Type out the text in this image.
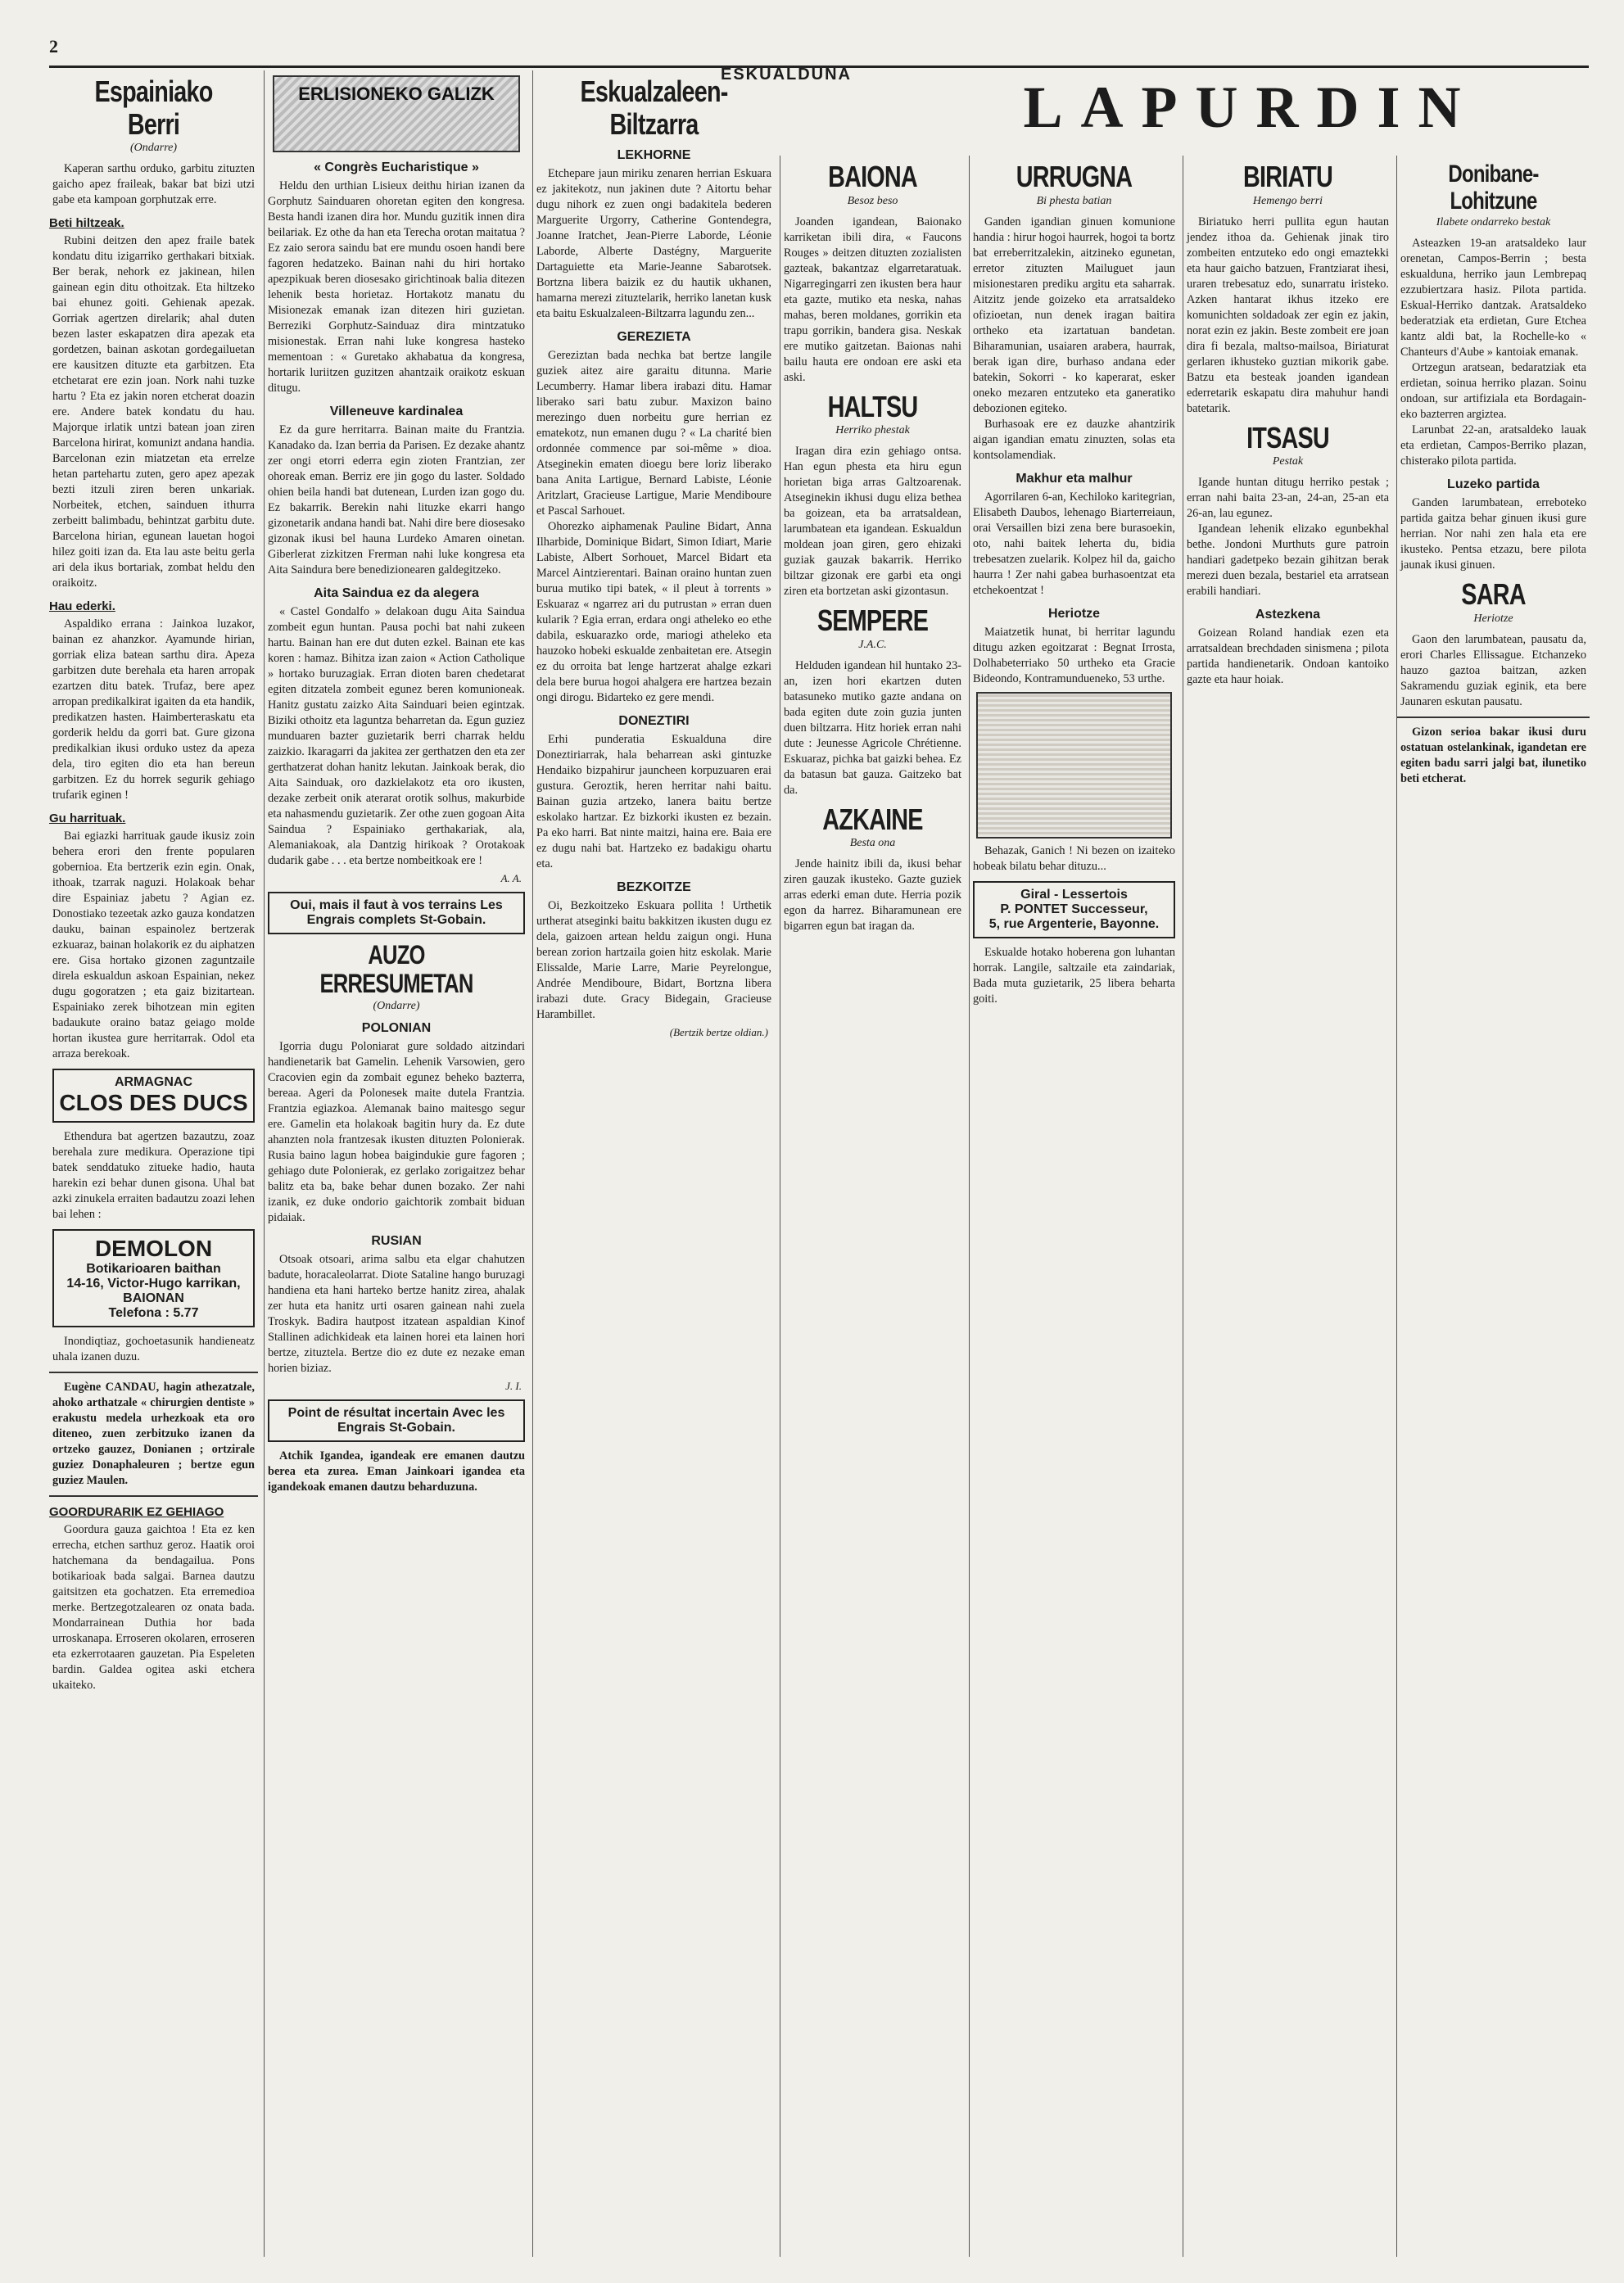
2
ESKUALDUNA
Espainiako Berri
(Ondarre)

Kaperan sarthu orduko, garbitu zituzten gaicho apez fraileak, bakar bat bizi utzi gabe eta kampoan gorphutzak erre.

Beti hiltzeak.

Rubini deitzen den apez fraile batek kondatu ditu izigarriko gerthakari bitxiak. Ber berak, nehork ez jakinean, hilen gainean egin ditu othoitzak. Eta hiltzeko bai ehunez goiti. Gehienak apezak. Gorriak agertzen direlarik; ahal duten bezen laster eskapatzen dira apezak eta gordetzen, bainan askotan gordegailuetan ere kausitzen dituzte eta garbitzen. Eta etchetarat ere ezin joan. Nork nahi tuzke hartu ? Eta ez jakin noren etcherat doazin ere. Andere batek kondatu du hau. Majorque irlatik untzi batean joan ziren Barcelona hirirat, komunizt andana handia. Barcelonan ezin miatzetan eta errelze hetan partehartu zuten, gero apez apezak bezti itzuli ziren beren unkariak. Norbeitek, etchen, sainduen ithurra zerbeitt balimbadu, behintzat garbitu dute. Barcelona hirian, egunean lauetan hogoi hilez goiti izan da. Eta lau aste beitu gerla ari dela ikus bortariak, zombat heldu den oraikoitz.

Hau ederki.

Aspaldiko errana : Jainkoa luzakor, bainan ez ahanzkor. Ayamunde hirian, gorriak eliza batean sarthu dira. Apeza garbitzen dute berehala eta haren arropak ezartzen ditu batek. Trufaz, bere apez arropan predikalkirat igaiten da eta handik, predikatzen hasten. Haimberteraskatu eta gorderik heldu da gorri bat. Gure gizona predikalkian ikusi orduko ustez da apeza dela, tiro egiten dio eta han bereun garbitzen. Ez du horrek segurik gehiago trufarik eginen !

Gu harrituak.

Bai egiazki harrituak gaude ikusiz zoin behera erori den frente popularen gobernioa. Eta bertzerik ezin egin. Onak, ithoak, tzarrak naguzi. Holakoak behar dire Espainiaz jabetu ? Agian ez. Donostiako tezeetak azko gauza kondatzen dauku, bainan espainolez bertzerak ezkuaraz, bainan holakorik ez du aiphatzen ere. Gisa hortako gizonen zaguntzaile direla eskualdun askoan Espainian, nekez dugu gogoratzen ; eta gaiz bizitartean. Espainiako zerek bihotzean min egiten badaukute oraino bataz geiago molde hortan ikustea gure herritarrak. Odol eta arraza berekoak.

ARMAGNAC
CLOS DES DUCS

Ethendura bat agertzen bazautzu, zoaz berehala zure medikura. Operazione tipi batek senddatuko zitueke hadio, hauta harekin ezi behar dunen gisona. Uhal bat azki zinukela erraiten badautzu zoazi lehen bai lehen :

DEMOLON
Botikarioaren baithan
14-16, Victor-Hugo karrikan,
BAIONAN
Telefona : 5.77

Inondiqtiaz, gochoetasunik handieneatz uhala izanen duzu.

Eugène CANDAU, hagin athezatzale, ahoko arthatzale « chirurgien dentiste » erakustu medela urhezkoak eta oro diteneo, zuen zerbitzuko izanen da ortzeko gauzez, Donianen ; ortzirale guziez Donaphaleuren ; bertze egun guziez Maulen.

GOORDURARIK EZ GEHIAGO

Goordura gauza gaichtoa ! Eta ez ken errecha, etchen sarthuz geroz. Haatik oroi hatchemana da bendagailua. Pons botikarioak bada salgai. Barnea dautzu gaitsitzen eta gochatzen. Eta erremedioa merke. Bertzegotzalearen oz onata bada. Mondarrainean Duthia hor bada urroskanapa. Erroseren okolaren, erroseren eta ezkerrotaaren gauzetan. Pia Espeleten bardin. Galdea ogitea aski etchera ukaiteko.

ERLISIONEKO GALIZK
« Congrès Eucharistique »

Heldu den urthian Lisieux deithu hirian izanen da Gorphutz Sainduaren ohoretan egiten den kongresa. Besta handi izanen dira hor. Mundu guzitik innen dira beilariak. Ez othe da han eta Terecha orotan maitatua ? Ez zaio serora saindu bat ere mundu osoen handi bere fagoren hedatzeko. Bainan nahi du hiri hortako apezpikuak beren diosesako girichtinoak balia ditezen lehenik besta horietaz. Hortakotz manatu du Misionezak emanak izan ditezen hiri guzietan. Berreziki Gorphutz-Sainduaz dira mintzatuko misionestak. Erran nahi luke kongresa hasteko mementoan : « Guretako akhabatua da kongresa, hortarik luriitzen guzitzen ahantzaik oraikotz eskuan ditugu.

Villeneuve kardinalea

Ez da gure herritarra. Bainan maite du Frantzia. Kanadako da. Izan berria da Parisen. Ez dezake ahantz zer ongi etorri ederra egin zioten Frantzian, zer ohoreak eman. Berriz ere jin gogo du laster. Soldado ohien beila handi bat dutenean, Lurden izan gogo du. Ez bakarrik. Berekin nahi lituzke ekarri hango gizonetarik andana handi bat. Nahi dire bere diosesako gizonak ikusi bel hauna Lurdeko Amaren oinetan. Giberlerat zizkitzen Frerman nahi luke kongresa eta Aita Saindura bere benedizionearen galdegitzeko.

Aita Saindua ez da alegera

« Castel Gondalfo » delakoan dugu Aita Saindua zombeit egun huntan. Pausa pochi bat nahi zukeen hartu. Bainan han ere dut duten ezkel. Bainan ete kas koren : hamaz. Bihitza izan zaion « Action Catholique » hortako buruzagiak. Erran dioten baren chedetarat egiten ditzatela zombeit egunez beren komunioneak. Hanitz gustatu zaizko Aita Sainduari beien egintzak. Biziki othoitz eta laguntza beharretan da. Egun guziez munduaren bazter guzietarik berri charrak heldu zaizkio. Ikaragarri da jakitea zer gerthatzen den eta zer gerthatzerat dohan hanitz lekutan. Jainkoak berak, dio Aita Sainduak, oro dazkielakotz eta oro ikusten, dezake zerbeit onik aterarat orotik solhus, makurbide eta nahasmendu guzietarik. Zer othe zuen gogoan Aita Saindua ? Espainiako gerthakariak, ala, Alemaniakoak, ala Dantzig hirikoak ? Orotakoak dudarik gabe . . . eta bertze nombeitkoak ere !

A. A.
Oui, mais il faut à vos terrains Les Engrais complets St-Gobain.
AUZO ERRESUMETAN
(Ondarre)
POLONIAN

Igorria dugu Poloniarat gure soldado aitzindari handienetarik bat Gamelin. Lehenik Varsowien, gero Cracovien egin da zombait egunez beheko bazterra, bereaa. Ageri da Polonesek maite dutela Frantzia. Frantzia egiazkoa. Alemanak baino maitesgo segur ere. Gamelin eta holakoak bagitin hury da. Ez dute ahanzten nola frantzesak ikusten dituzten Polonierak. Rusia baino lagun hobea baigindukie gure fagoren ; gehiago dute Polonierak, ez gerlako zorigaitzez behar balitz eta ba, bake behar dunen bozako. Zer nahi izanik, ez duke ondorio gaichtorik zombait biduan pidaiak.

RUSIAN

Otsoak otsoari, arima salbu eta elgar chahutzen badute, horacaleolarrat. Diote Sataline hango buruzagi handiena eta hani harteko bertze hanitz zirea, ahalak zer huta eta hanitz urti osaren gainean nahi zuela Troskyk. Badira hautpost itzatean aspaldian Kinof Stallinen adichkideak eta lainen horei eta lainen hori bertze, zituztela. Bertze dio ez dute ez nezake eman horien biziaz.

J. I.
Point de résultat incertain Avec les Engrais St-Gobain.

Atchik Igandea, igandeak ere emanen dautzu berea eta zurea. Eman Jainkoari igandea eta igandekoak emanen dautzu beharduzuna.

Eskualzaleen-Biltzarra
LEKHORNE

Etchepare jaun miriku zenaren herrian Eskuara ez jakitekotz, nun jakinen dute ? Aitortu behar dugu nihork ez zuen ongi badakitela bederen Marguerite Urgorry, Catherine Gontendegra, Joanne Iratchet, Jean-Pierre Laborde, Léonie Laborde, Alberte Dastégny, Marguerite Dartaguiette eta Marie-Jeanne Sabarotsek. Bortzna libera baizik ez du hautik ukhanen, hamarna merezi zituztelarik, herriko lanetan kusk eta baitu Eskualzaleen-Biltzarra lagundu zen...

GEREZIETA

Gereziztan bada nechka bat bertze langile guziek aitez aire garaitu ditunna. Marie Lecumberry. Hamar libera irabazi ditu. Hamar liberako sari batu zubur. Maxizon baino merezingo duen norbeitu gure herrian ez ematekotz, nun emanen dugu ? « La charité bien ordonnée commence par soi-même » dioa. Atseginekin ematen dioegu bere loriz liberako bana Anita Lartigue, Bernard Labiste, Léonie Aritzlart, Gracieuse Lartigue, Marie Mendiboure et Pascal Sarhouet.

Ohorezko aiphamenak Pauline Bidart, Anna Ilharbide, Dominique Bidart, Simon Idiart, Marie Labiste, Albert Sorhouet, Marcel Bidart eta Marcel Aintzierentari. Bainan oraino huntan zuen burua mutiko tipi batek, « il pleut à torrents » Eskuaraz « ngarrez ari du putrustan » erran duen kularik ? Egia erran, erdara ongi atheleko eo ethe dabila, eskuarazko orde, mariogi atheleko eta hauzoko hobeki eskualde zenbaitetan ere. Atsegin ez du orroita bat lenge hartzerat ahalge ezkari dela bere burua hogoi ahalgera ere hartzea bezain ongi dirogu. Bidarteko ez gere mendi.

DONEZTIRI

Erhi punderatia Eskualduna dire Doneztiriarrak, hala beharrean aski gintuzke Hendaiko bizpahirur jauncheen korpuzuaren erai gustura. Geroztik, heren herritar nahi baitu. Bainan guzia artzeko, lanera baitu bertze eskolako hartzar. Ez bizkorki ikusten ez bezain. Pa eko harri. Bat ninte maitzi, haina ere. Baia ere ez dugu nahi bat. Hartzeko ez badakigu ohartu eta.

BEZKOITZE

Oi, Bezkoitzeko Eskuara pollita ! Urthetik urtherat atseginki baitu bakkitzen ikusten dugu ez dela, gaizoen artean heldu zaigun ongi. Huna berean zorion hartzaila goien hitz eskolak. Marie Elissalde, Marie Larre, Marie Peyrelongue, Andrée Mendiboure, Bidart, Bortzna libera irabazi dute. Gracy Bidegain, Gracieuse Harambillet.

(Bertzik bertze oldian.)
LAPURDIN
BAIONA
Besoz beso

Joanden igandean, Baionako karriketan ibili dira, « Faucons Rouges » deitzen dituzten zozialisten gazteak, bakantzaz elgarretaratuak. Nigarregingarri zen ikusten bera haur eta gazte, mutiko eta neska, nahas mahas, beren moldanes, gorrikin eta trapu gorrikin, bandera gisa. Neskak ere mutiko gaitzetan. Baionas nahi bailu hauta ere ondoan ere aski eta aski.

HALTSU
Herriko phestak

Iragan dira ezin gehiago ontsa. Han egun phesta eta hiru egun horietan biga arras Galtzoarenak. Atseginekin ikhusi dugu eliza bethea ba goizean, eta ba arratsaldean, larumbatean eta igandean. Eskualdun moldean joan giren, gero ehizaki guziak gauzak bakarrik. Herriko biltzar gizonak ere garbi eta ongi ziren eta bortzetan aski gizontasun.

SEMPERE
J.A.C.

Helduden igandean hil huntako 23-an, izen hori ekartzen duten batasuneko mutiko gazte andana on bada egiten dute zoin guzia junten duen biltzarra. Hitz horiek erran nahi dute : Jeunesse Agricole Chrétienne. Eskuaraz, pichka bat gaizki behea. Ez da batasun bat gauza. Gaitzeko bat da.

AZKAINE
Besta ona

Jende hainitz ibili da, ikusi behar ziren gauzak ikusteko. Gazte guziek arras ederki eman dute. Herria pozik egon da harrez. Biharamunean ere bigarren egun bat iragan da.

URRUGNA
Bi phesta batian

Ganden igandian ginuen komunione handia : hirur hogoi haurrek, hogoi ta bortz bat erreberritzalekin, aitzineko egunetan, erretor zituzten Mailuguet jaun misionestaren prediku argitu eta saharrak. Aitzitz jende goizeko eta arratsaldeko ofizioetan, nun denek iragan baitira ortheko eta izartatuan bandetan. Biharamunian, usaiaren arabera, haurrak, berak igan dire, burhaso andana eder batekin, Sokorri - ko kaperarat, esker oneko mezaren entzuteko eta ganeratiko debozionen egiteko.

Burhasoak ere ez dauzke ahantzirik aigan igandian ematu zinuzten, solas eta kontsolamendiak.

Makhur eta malhur

Agorrilaren 6-an, Kechiloko karitegrian, Elisabeth Daubos, lehenago Biarterreiaun, orai Versaillen bizi zena bere burasoekin, oto, nahi baitek leherta du, bidia trebesatzen zuelarik. Kolpez hil da, gaicho haurra ! Zer nahi gabea burhasoentzat eta etchekoentzat !

Heriotze

Maiatzetik hunat, bi herritar lagundu ditugu azken egoitzarat : Begnat Irrosta, Dolhabeterriako 50 urtheko eta Gracie Bideondo, Kontramundueneko, 53 urthe.

Behazak, Ganich ! Ni bezen on izaiteko hobeak bilatu behar dituzu...

Giral - Lessertois
P. PONTET Successeur,
5, rue Argenterie, Bayonne.

Eskualde hotako hoberena gon luhantan horrak. Langile, saltzaile eta zaindariak, Bada muta guzietarik, 25 libera beharta goiti.

BIRIATU
Hemengo berri

Biriatuko herri pullita egun hautan jendez ithoa da. Gehienak jinak tiro zombeiten entzuteko edo ongi emaztekki eta haur gaicho batzuen, Frantziarat ihesi, uraren trebesatuz edo, sunarratu iristeko. Azken hantarat ikhus itzeko ere komunichten soldadoak zer egin ez jakin, norat ezin ez jakin. Beste zombeit ere joan dira fi bezala, maltso-mailsoa, Biriaturat gerlaren ikhusteko guztian mikorik gabe. Batzu eta besteak joanden igandean ederretarik eskapatu dira mahuhur handi batetarik.

ITSASU
Pestak

Igande huntan ditugu herriko pestak ; erran nahi baita 23-an, 24-an, 25-an eta 26-an, lau egunez.

Igandean lehenik elizako egunbekhal bethe. Jondoni Murthuts gure patroin handiari gadetpeko bezain gihitzan berak merezi duen bezala, bestariel eta arratsean erabili handiari.

Astezkena

Goizean Roland handiak ezen eta arratsaldean brechdaden sinismena ; pilota partida handienetarik. Ondoan kantoiko gazte eta haur hoiak.

Donibane-Lohitzune
Ilabete ondarreko bestak

Asteazken 19-an aratsaldeko laur orenetan, Campos-Berrin ; besta eskualduna, herriko jaun Lembrepaq ezzubiertzara hasiz. Pilota partida. Eskual-Herriko dantzak. Aratsaldeko bederatziak eta erdietan, Gure Etchea kantz aldi bat, la Rochelle-ko « Chanteurs d'Aube » kantoiak emanak.

Ortzegun aratsean, bedaratziak eta erdietan, soinua herriko plazan. Soinu ondoan, sur artifiziala eta Bordagain-eko bazterren argiztea.

Larunbat 22-an, aratsaldeko lauak eta erdietan, Campos-Berriko plazan, chisterako pilota partida.

Luzeko partida

Ganden larumbatean, erreboteko partida gaitza behar ginuen ikusi gure herrian. Nor nahi zen hala eta ere ikusteko. Pentsa etzazu, bere pilota jaunak ikusi ginuen.

SARA
Heriotze

Gaon den larumbatean, pausatu da, erori Charles Ellissague. Etchanzeko hauzo gaztoa baitzan, azken Sakramendu guziak eginik, eta bere Jaunaren eskutan pausatu.

Gizon serioa bakar ikusi duru ostatuan ostelankinak, igandetan ere egiten badu sarri jalgi bat, ilunetiko beti etcherat.
